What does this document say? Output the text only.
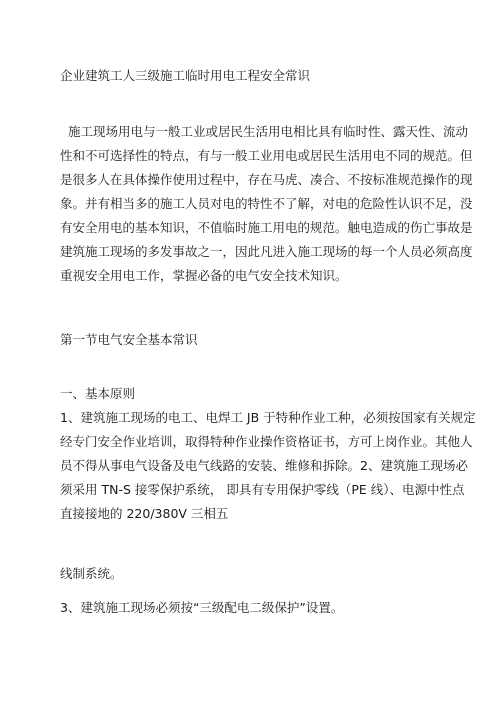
企业建筑工人三级施工临时用电工程安全常识
施工现场用电与一般工业或居民生活用电相比具有临时性、露天性、流动
性和不可选择性的特点，有与一般工业用电或居民生活用电不同的规范。但
是很多人在具体操作使用过程中，存在马虎、凑合、不按标准规范操作的现
象。并有相当多的施工人员对电的特性不了解，对电的危险性认识不足，没
有安全用电的基本知识，不值临时施工用电的规范。触电造成的伤亡事故是
建筑施工现场的多发事故之一，因此凡进入施工现场的每一个人员必须高度
重视安全用电工作，掌握必备的电气安全技术知识。
第一节电气安全基本常识
一、基本原则
1、建筑施工现场的电工、电焊工 JB 于特种作业工种，必须按国家有关规定
经专门安全作业培训，取得特种作业操作资格证书，方可上岗作业。其他人
员不得从事电气设备及电气线路的安装、维修和拆除。2、建筑施工现场必
须采用 TN-S 接零保护系统， 即具有专用保护零线（PE 线）、电源中性点
直接接地的 220/380V 三相五
线制系统。
3、建筑施工现场必须按“三级配电二级保护”设置。
